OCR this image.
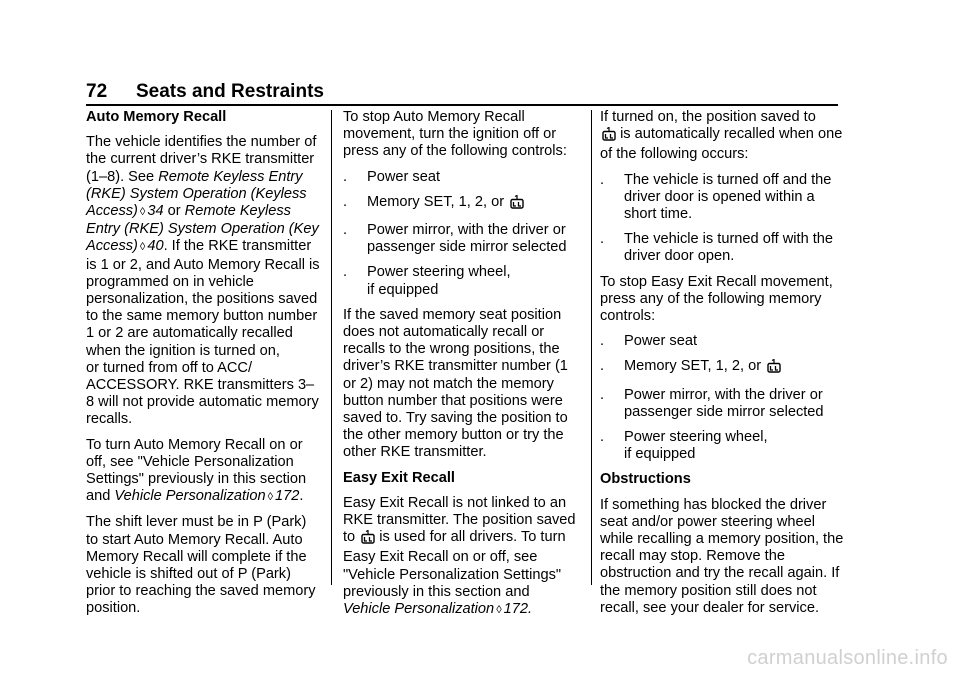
72 Seats and Restraints
Auto Memory Recall

The vehicle identifies the number of the current driver’s RKE transmitter (1–8). See Remote Keyless Entry (RKE) System Operation (Keyless Access) ◊ 34 or Remote Keyless Entry (RKE) System Operation (Key Access) ◊ 40. If the RKE transmitter is 1 or 2, and Auto Memory Recall is programmed on in vehicle personalization, the positions saved to the same memory button number 1 or 2 are automatically recalled when the ignition is turned on,
or turned from off to ACC/ ACCESSORY. RKE transmitters 3–8 will not provide automatic memory recalls.

To turn Auto Memory Recall on or off, see "Vehicle Personalization Settings" previously in this section and Vehicle Personalization ◊ 172.

The shift lever must be in P (Park) to start Auto Memory Recall. Auto Memory Recall will complete if the vehicle is shifted out of P (Park) prior to reaching the saved memory position.

To stop Auto Memory Recall movement, turn the ignition off or press any of the following controls:

. Power seat
. Memory SET, 1, 2, or
. Power mirror, with the driver or passenger side mirror selected
. Power steering wheel,
if equipped

If the saved memory seat position does not automatically recall or recalls to the wrong positions, the driver’s RKE transmitter number (1 or 2) may not match the memory button number that positions were saved to. Try saving the position to the other memory button or try the other RKE transmitter.

Easy Exit Recall

Easy Exit Recall is not linked to an RKE transmitter. The position saved to is used for all drivers. To turn Easy Exit Recall on or off, see "Vehicle Personalization Settings" previously in this section and
Vehicle Personalization ◊ 172.

If turned on, the position saved to
is automatically recalled when one of the following occurs:

. The vehicle is turned off and the driver door is opened within a short time.
. The vehicle is turned off with the driver door open.

To stop Easy Exit Recall movement, press any of the following memory controls:

. Power seat
. Memory SET, 1, 2, or
. Power mirror, with the driver or passenger side mirror selected
. Power steering wheel,
if equipped
Obstructions

If something has blocked the driver seat and/or power steering wheel while recalling a memory position, the recall may stop. Remove the obstruction and try the recall again. If the memory position still does not recall, see your dealer for service.

carmanualsonline.info
